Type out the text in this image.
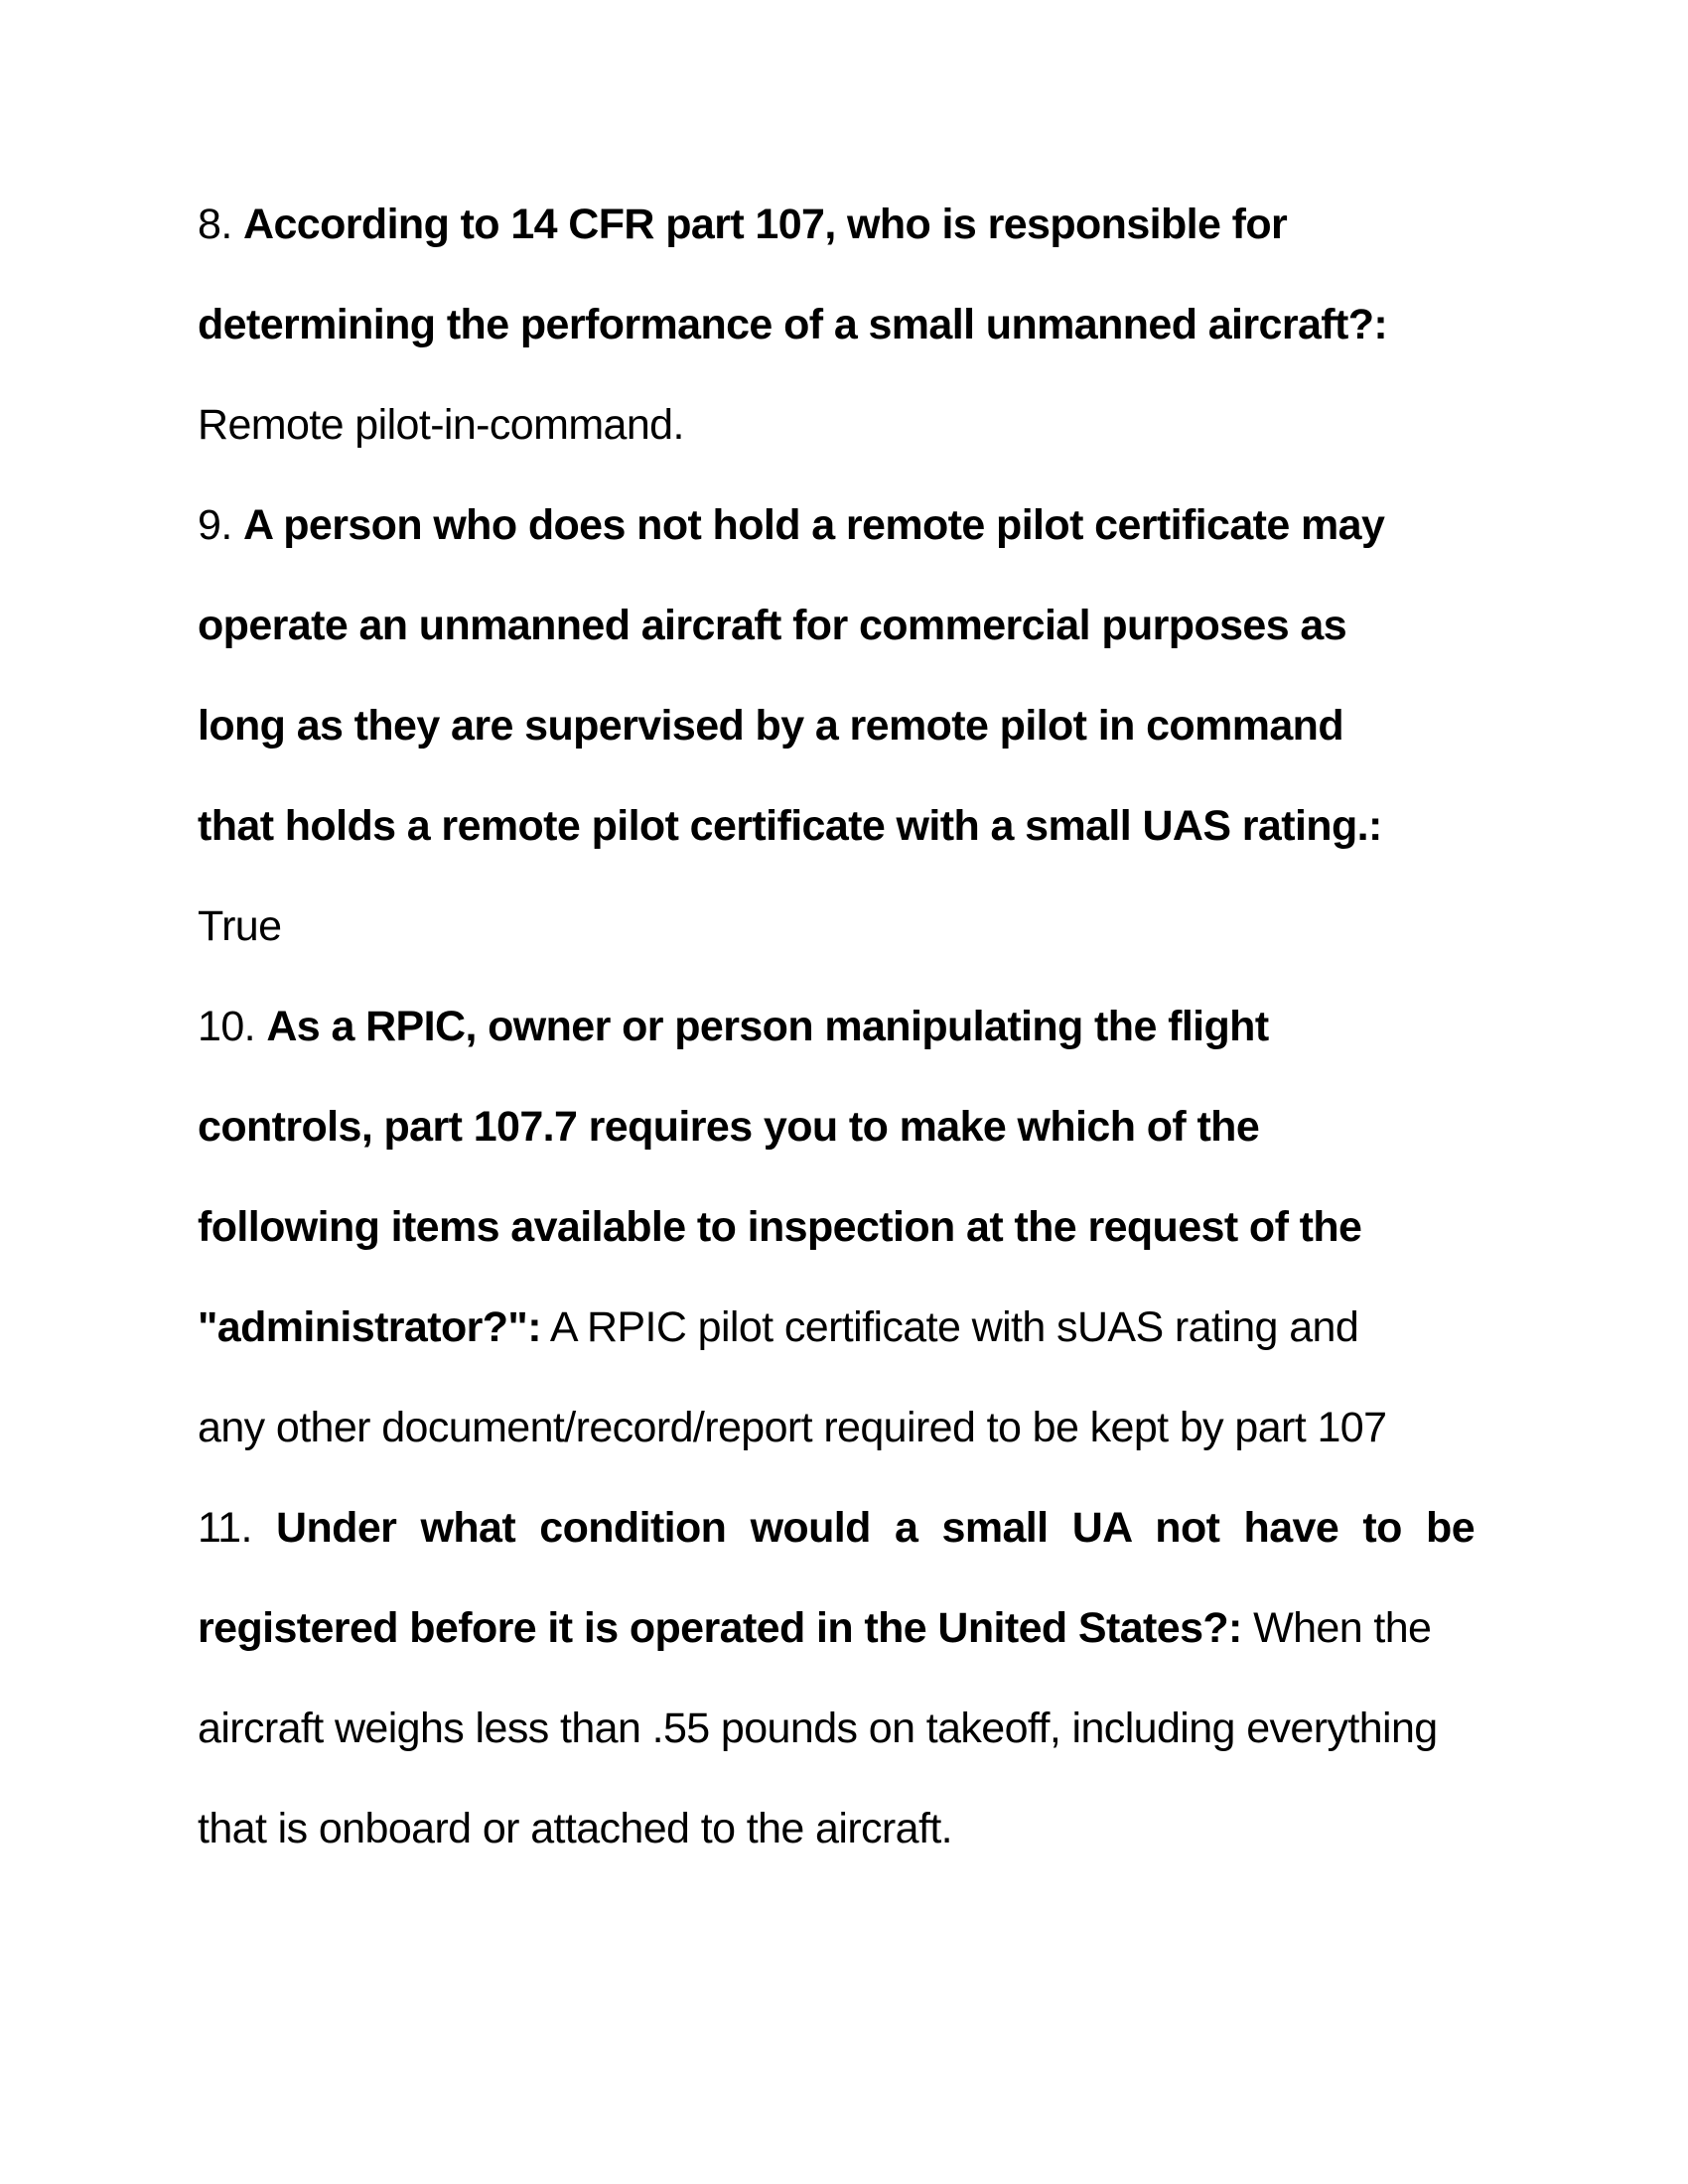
8. According to 14 CFR part 107, who is responsible for
determining the performance of a small unmanned aircraft?:
Remote pilot-in-command.
9. A person who does not hold a remote pilot certificate may
operate an unmanned aircraft for commercial purposes as
long as they are supervised by a remote pilot in command
that holds a remote pilot certificate with a small UAS rating.:
True
10. As a RPIC, owner or person manipulating the flight
controls, part 107.7 requires you to make which of the
following items available to inspection at the request of the
"administrator?": A RPIC pilot certificate with sUAS rating and
any other document/record/report required to be kept by part 107
11. Under what condition would a small UA not have to be
registered before it is operated in the United States?: When the
aircraft weighs less than .55 pounds on takeoff, including everything
that is onboard or attached to the aircraft.
